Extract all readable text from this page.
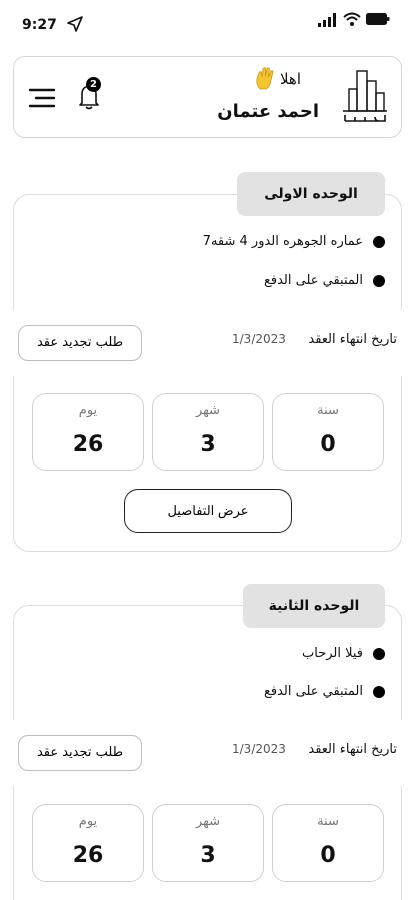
9:27
2	اهلا
احمد عتمان
الوحده الاولى
عماره الجوهره الدور 4 شقه7
المتبقي على الدفع
طلب تجديد عقد	1/3/2023 تاريخ انتهاء العقد
سنة
0
شهر
3
يوم
26
عرض التفاصيل
الوحده الثانية
فيلا الرحاب
المتبقي على الدفع
طلب تجديد عقد	1/3/2023 تاريخ انتهاء العقد
سنة
0
شهر
3
يوم
26
